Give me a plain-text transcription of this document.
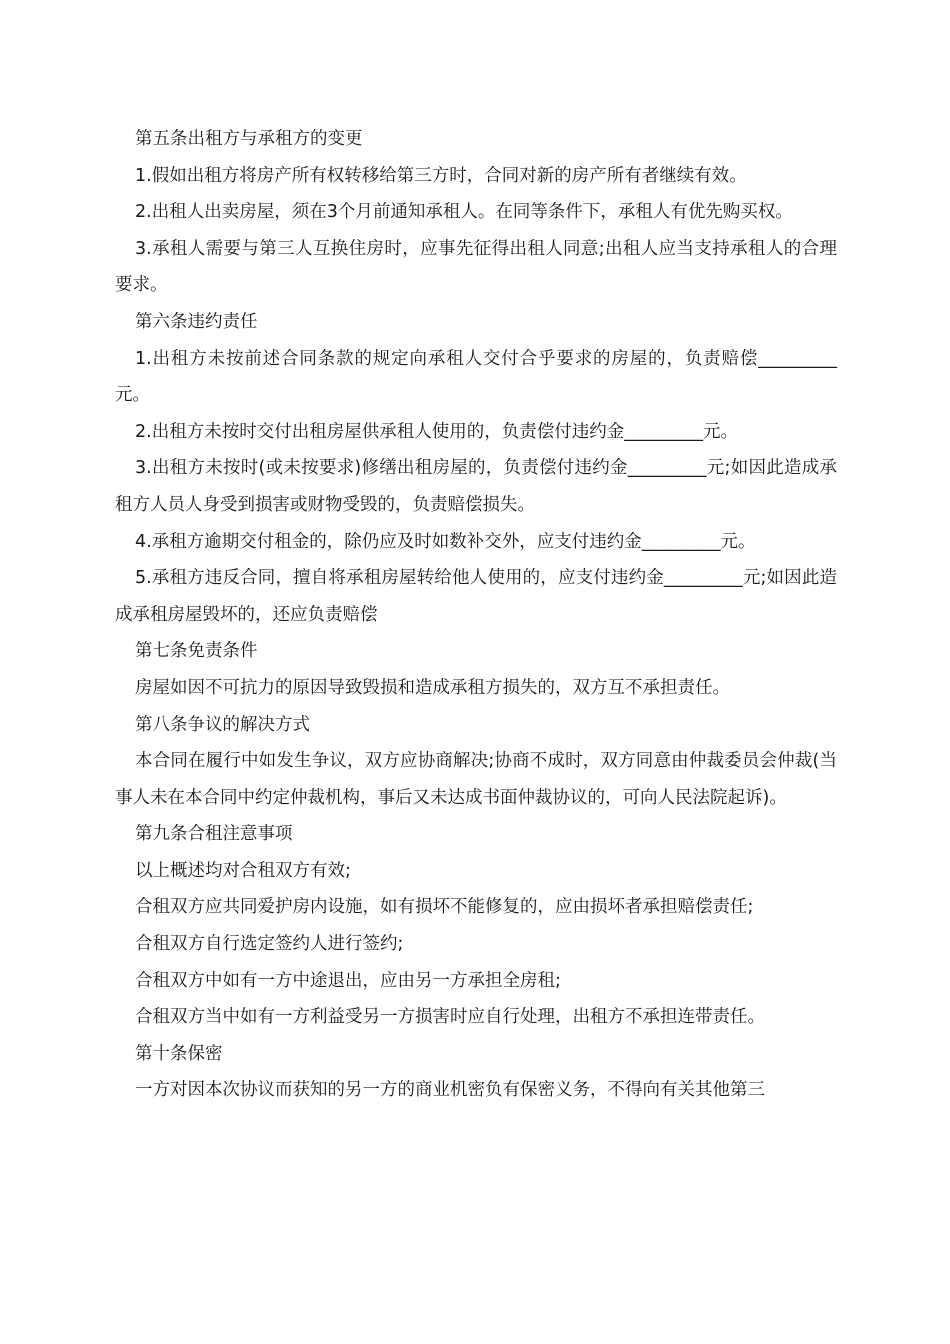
第五条出租方与承租方的变更

1.假如出租方将房产所有权转移给第三方时，合同对新的房产所有者继续有效。

2.出租人出卖房屋，须在3个月前通知承租人。在同等条件下，承租人有优先购买权。

3.承租人需要与第三人互换住房时，应事先征得出租人同意;出租人应当支持承租人的合理要求。

第六条违约责任

1.出租方未按前述合同条款的规定向承租人交付合乎要求的房屋的，负责赔偿_________元。

2.出租方未按时交付出租房屋供承租人使用的，负责偿付违约金_________元。

3.出租方未按时(或未按要求)修缮出租房屋的，负责偿付违约金_________元;如因此造成承租方人员人身受到损害或财物受毁的，负责赔偿损失。

4.承租方逾期交付租金的，除仍应及时如数补交外，应支付违约金_________元。

5.承租方违反合同，擅自将承租房屋转给他人使用的，应支付违约金_________元;如因此造成承租房屋毁坏的，还应负责赔偿

第七条免责条件

房屋如因不可抗力的原因导致毁损和造成承租方损失的，双方互不承担责任。

第八条争议的解决方式

本合同在履行中如发生争议，双方应协商解决;协商不成时，双方同意由仲裁委员会仲裁(当事人未在本合同中约定仲裁机构，事后又未达成书面仲裁协议的，可向人民法院起诉)。

第九条合租注意事项

以上概述均对合租双方有效;

合租双方应共同爱护房内设施，如有损坏不能修复的，应由损坏者承担赔偿责任;

合租双方自行选定签约人进行签约;

合租双方中如有一方中途退出，应由另一方承担全房租;

合租双方当中如有一方利益受另一方损害时应自行处理，出租方不承担连带责任。

第十条保密

一方对因本次协议而获知的另一方的商业机密负有保密义务，不得向有关其他第三
